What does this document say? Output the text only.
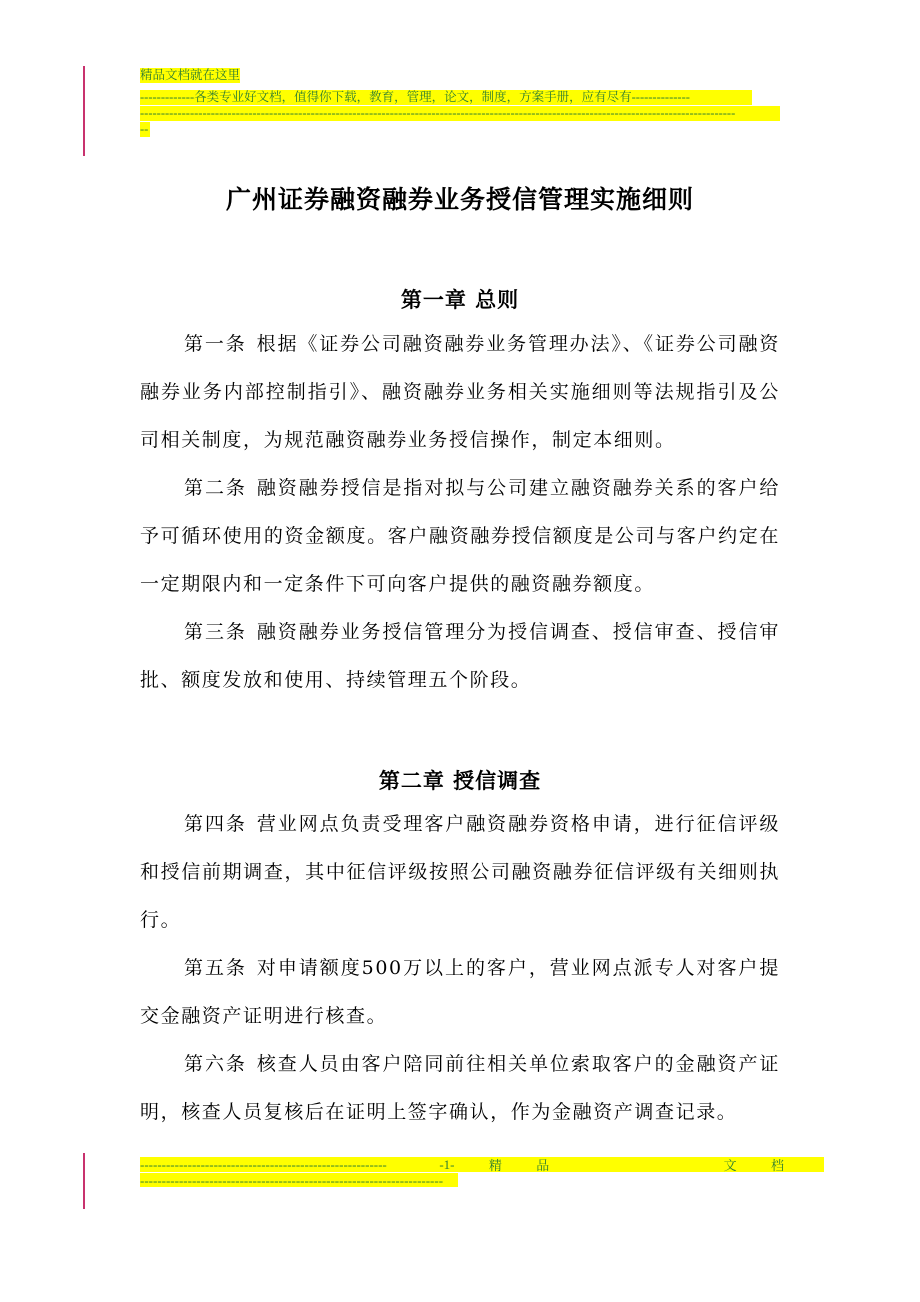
精品文档就在这里
-------------各类专业好文档，值得你下载，教育，管理，论文，制度，方案手册，应有尽有--------------
-----------------------------------------------------------------------------------------------------------------------------------------------
--
广州证券融资融券业务授信管理实施细则
第一章 总则
第一条 根据《证券公司融资融券业务管理办法》、《证券公司融资融券业务内部控制指引》、融资融券业务相关实施细则等法规指引及公司相关制度，为规范融资融券业务授信操作，制定本细则。
第二条 融资融券授信是指对拟与公司建立融资融券关系的客户给予可循环使用的资金额度。客户融资融券授信额度是公司与客户约定在一定期限内和一定条件下可向客户提供的融资融券额度。
第三条 融资融券业务授信管理分为授信调查、授信审查、授信审批、额度发放和使用、持续管理五个阶段。
第二章 授信调查
第四条 营业网点负责受理客户融资融券资格申请，进行征信评级和授信前期调查，其中征信评级按照公司融资融券征信评级有关细则执行。
第五条 对申请额度500万以上的客户，营业网点派专人对客户提交金融资产证明进行核查。
第六条 核查人员由客户陪同前往相关单位索取客户的金融资产证明，核查人员复核后在证明上签字确认，作为金融资产调查记录。
---------------------------------------------------------	-1-	精	品	文	档
----------------------------------------------------------------------
